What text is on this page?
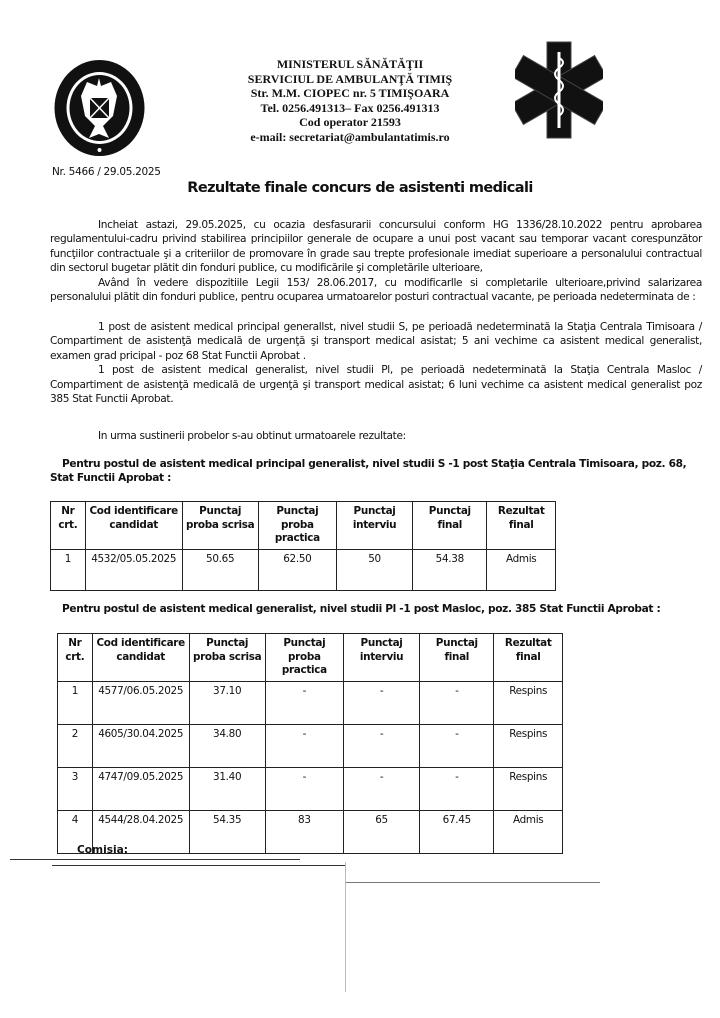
Nr. 5466 / 29.05.2025
MINISTERUL SĂNĂTĂŢII
SERVICIUL DE AMBULANŢĂ TIMIŞ
Str. M.M. CIOPEC nr. 5 TIMIŞOARA
Tel. 0256.491313– Fax 0256.491313
Cod operator 21593
e-mail: secretariat@ambulantatimis.ro
Rezultate finale concurs de asistenti medicali

Incheiat astazi, 29.05.2025, cu ocazia desfasurarii concursului conform HG 1336/28.10.2022 pentru aprobarea regulamentului-cadru privind stabilirea principiilor generale de ocupare a unui post vacant sau temporar vacant corespunzător funcţiilor contractuale şi a criteriilor de promovare în grade sau trepte profesionale imediat superioare a personalului contractual din sectorul bugetar plătit din fonduri publice, cu modificările şi completările ulterioare,

Având în vedere dispozitiile Legii 153/ 28.06.2017, cu modificarlle si completarile ulterioare,privind salarizarea personalului plătit din fonduri publice, pentru ocuparea urmatoarelor posturi contractual vacante, pe perioada nedeterminata de :

1 post de asistent medical principal generallst, nivel studii S, pe perioadă nedeterminată la Staţia Centrala Timisoara / Compartiment de asistenţă medicală de urgenţă şi transport medical asistat; 5 ani vechime ca asistent medical generalist, examen grad pricipal - poz 68 Stat Functii Aprobat .

1 post de asistent medical generalist, nivel studii Pl, pe perioadă nedeterminată la Staţia Centrala Masloc / Compartiment de asistenţă medicală de urgenţă şi transport medical asistat; 6 luni vechime ca asistent medical generalist poz 385 Stat Functii Aprobat.

In urma sustinerii probelor s-au obtinut urmatoarele rezultate:

Pentru postul de asistent medical principal generalist, nivel studii S -1 post Staţia Centrala Timisoara, poz. 68, Stat Functii Aprobat :
Nr crt.	Cod identificare candidat	Punctaj proba scrisa	Punctaj proba practica	Punctaj interviu	Punctaj final	Rezultat final
1	4532/05.05.2025	50.65	62.50	50	54.38	Admis
Pentru postul de asistent medical generalist, nivel studii Pl -1 post Masloc, poz. 385 Stat Functii Aprobat :
Nr crt.	Cod identificare candidat	Punctaj proba scrisa	Punctaj proba practica	Punctaj interviu	Punctaj final	Rezultat final
1	4577/06.05.2025	37.10	-	-	-	Respins
2	4605/30.04.2025	34.80	-	-	-	Respins
3	4747/09.05.2025	31.40	-	-	-	Respins
4	4544/28.04.2025	54.35	83	65	67.45	Admis
Comisia:
